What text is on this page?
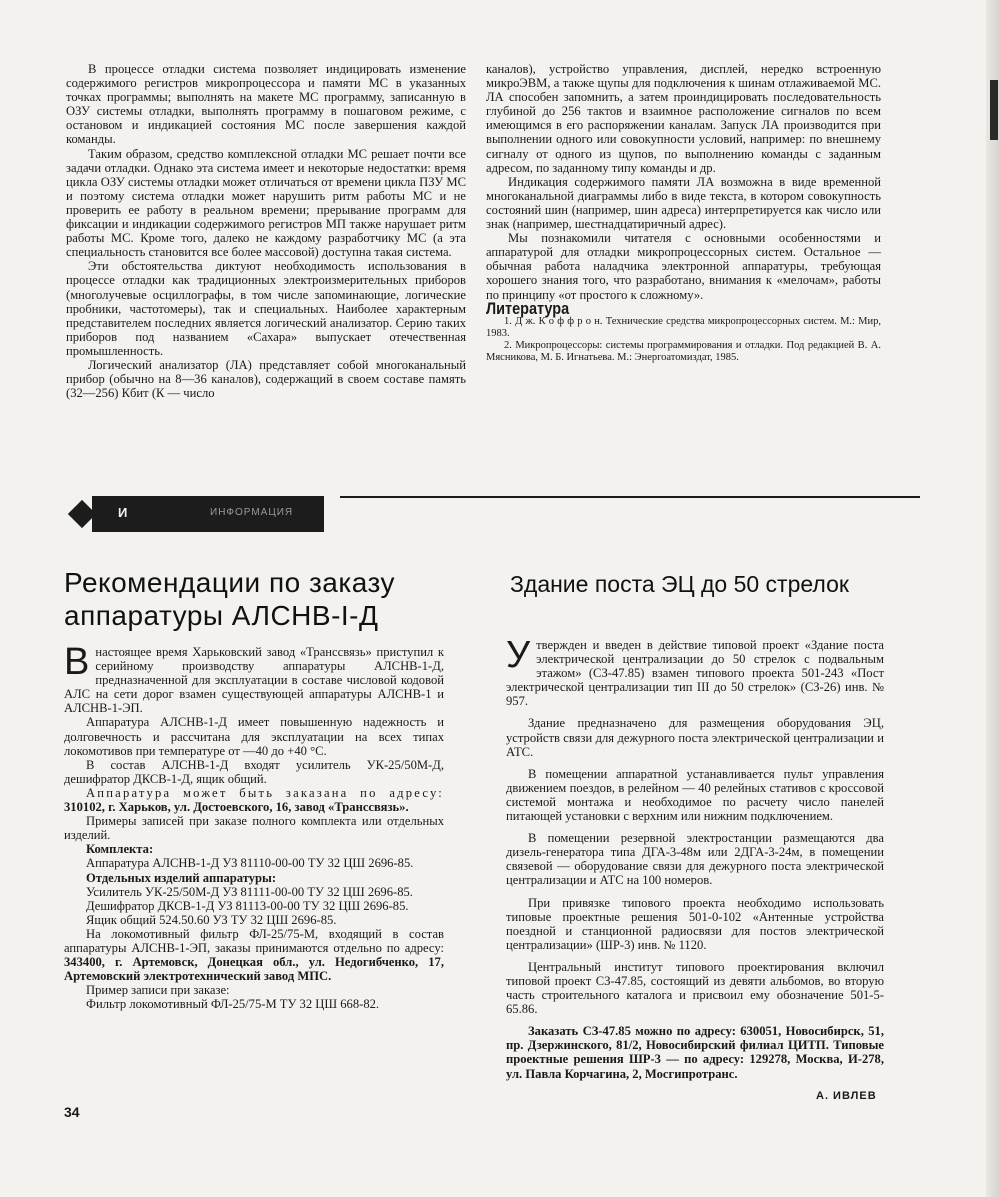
В процессе отладки система позволяет индицировать изменение содержимого регистров микропроцессора и памяти МС в указанных точках программы; выполнять на макете МС программу, записанную в ОЗУ системы отладки, выполнять программу в пошаговом режиме, с остановом и индикацией состояния МС после завершения каждой команды.

Таким образом, средство комплексной отладки МС решает почти все задачи отладки. Однако эта система имеет и некоторые недостатки: время цикла ОЗУ системы отладки может отличаться от времени цикла ПЗУ МС и поэтому система отладки может нарушить ритм работы МС и не проверить ее работу в реальном времени; прерывание программ для фиксации и индикации содержимого регистров МП также нарушает ритм работы МС. Кроме того, далеко не каждому разработчику МС (а эта специальность становится все более массовой) доступна такая система.

Эти обстоятельства диктуют необходимость использования в процессе отладки как традиционных электроизмерительных приборов (многолучевые осциллографы, в том числе запоминающие, логические пробники, частотомеры), так и специальных. Наиболее характерным представителем последних является логический анализатор. Серию таких приборов под названием «Сахара» выпускает отечественная промышленность.

Логический анализатор (ЛА) представляет собой многоканальный прибор (обычно на 8—36 каналов), содержащий в своем составе память (32—256) Кбит (К — число

каналов), устройство управления, дисплей, нередко встроенную микроЭВМ, а также щупы для подключения к шинам отлаживаемой МС. ЛА способен запомнить, а затем проиндицировать последовательность глубиной до 256 тактов и взаимное расположение сигналов по всем имеющимся в его распоряжении каналам. Запуск ЛА производится при выполнении одного или совокупности условий, например: по внешнему сигналу от одного из щупов, по выполнению команды с заданным адресом, по заданному типу команды и др.

Индикация содержимого памяти ЛА возможна в виде временной многоканальной диаграммы либо в виде текста, в котором совокупность состояний шин (например, шин адреса) интерпретируется как число или знак (например, шестнадцатиричный адрес).

Мы познакомили читателя с основными особенностями и аппаратурой для отладки микропроцессорных систем. Остальное — обычная работа наладчика электронной аппаратуры, требующая хорошего знания того, что разработано, внимания к «мелочам», работы по принципу «от простого к сложному».

Литература

1. Д ж. К о ф ф р о н. Технические средства микропроцессорных систем. М.: Мир, 1983.

2. Микропроцессоры: системы программирования и отладки. Под редакцией В. А. Мясникова, М. Б. Игнатьева. М.: Энергоатомиздат, 1985.

И	ИНФОРМАЦИЯ
Рекомендации по заказу аппаратуры АЛСНВ-I-Д
Здание поста ЭЦ до 50 стрелок

Внастоящее время Харьковский завод «Транссвязь» приступил к серийному производству аппаратуры АЛСНВ-1-Д, предназначенной для эксплуатации в составе числовой кодовой АЛС на сети дорог взамен существующей аппаратуры АЛСНВ-1 и АЛСНВ-1-ЭП.

Аппаратура АЛСНВ-1-Д имеет повышенную надежность и долговечность и рассчитана для эксплуатации на всех типах локомотивов при температуре от —40 до +40 °С.

В состав АЛСНВ-1-Д входят усилитель УК-25/50М-Д, дешифратор ДКСВ-1-Д, ящик общий.

Аппаратура может быть заказана по адресу: 310102, г. Харьков, ул. Достоевского, 16, завод «Транссвязь».

Примеры записей при заказе полного комплекта или отдельных изделий.

Комплекта:

Аппаратура АЛСНВ-1-Д УЗ 81110-00-00 ТУ 32 ЦШ 2696-85.

Отдельных изделий аппаратуры:

Усилитель УК-25/50М-Д УЗ 81111-00-00 ТУ 32 ЦШ 2696-85.

Дешифратор ДКСВ-1-Д УЗ 81113-00-00 ТУ 32 ЦШ 2696-85.

Ящик общий 524.50.60 УЗ ТУ 32 ЦШ 2696-85.

На локомотивный фильтр ФЛ-25/75-М, входящий в состав аппаратуры АЛСНВ-1-ЭП, заказы принимаются отдельно по адресу: 343400, г. Артемовск, Донецкая обл., ул. Недогибченко, 17, Артемовский электротехнический завод МПС.

Пример записи при заказе:

Фильтр локомотивный ФЛ-25/75-М ТУ 32 ЦШ 668-82.

Утвержден и введен в действие типовой проект «Здание поста электрической централизации до 50 стрелок с подвальным этажом» (СЗ-47.85) взамен типового проекта 501-243 «Пост электрической централизации тип III до 50 стрелок» (СЗ-26) инв. № 957.

Здание предназначено для размещения оборудования ЭЦ, устройств связи для дежурного поста электрической централизации и АТС.

В помещении аппаратной устанавливается пульт управления движением поездов, в релейном — 40 релейных стативов с кроссовой системой монтажа и необходимое по расчету число панелей питающей установки с верхним или нижним подключением.

В помещении резервной электростанции размещаются два дизель-генератора типа ДГА-3-48м или 2ДГА-3-24м, в помещении связевой — оборудование связи для дежурного поста электрической централизации и АТС на 100 номеров.

При привязке типового проекта необходимо использовать типовые проектные решения 501-0-102 «Антенные устройства поездной и станционной радиосвязи для постов электрической централизации» (ШР-3) инв. № 1120.

Центральный институт типового проектирования включил типовой проект СЗ-47.85, состоящий из девяти альбомов, во вторую часть строительного каталога и присвоил ему обозначение 501-5-65.86.

Заказать СЗ-47.85 можно по адресу: 630051, Новосибирск, 51, пр. Дзержинского, 81/2, Новосибирский филиал ЦИТП. Типовые проектные решения ШР-3 — по адресу: 129278, Москва, И-278, ул. Павла Корчагина, 2, Мосгипротранс.

А. ИВЛЕВ
34
